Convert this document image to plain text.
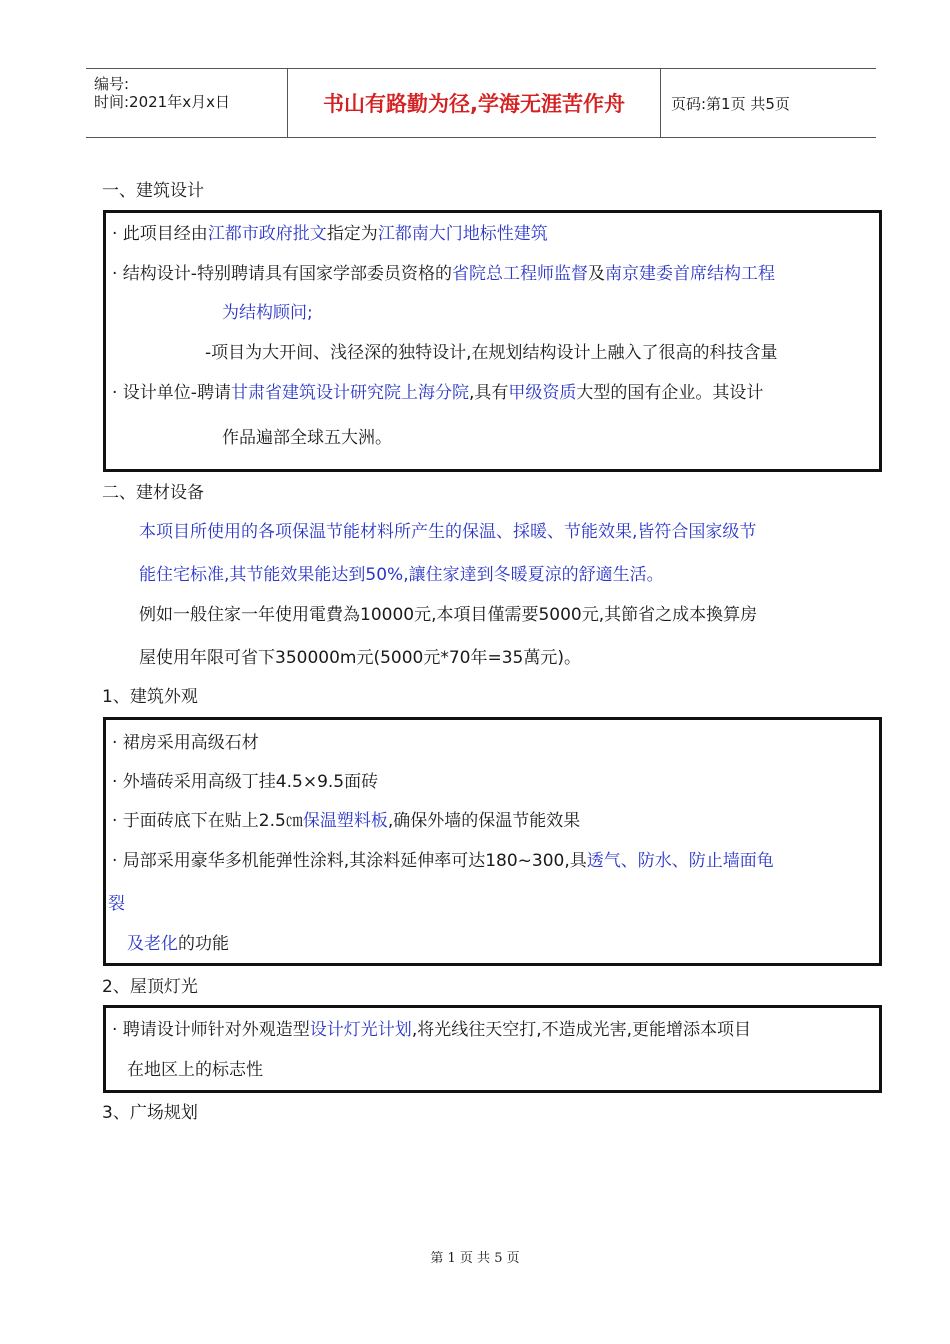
编号:
时间:2021年x月x日	书山有路勤为径,学海无涯苦作舟	页码:第1页 共5页
一、建筑设计
· 此项目经由江都市政府批文指定为江都南大门地标性建筑
· 结构设计-特别聘请具有国家学部委员资格的省院总工程师监督及南京建委首席结构工程
为结构顾问;
-项目为大开间、浅径深的独特设计,在规划结构设计上融入了很高的科技含量
· 设计单位-聘请甘肃省建筑设计研究院上海分院,具有甲级资质大型的国有企业。其设计
作品遍部全球五大洲。
二、建材设备
本项目所使用的各项保温节能材料所产生的保温、採暖、节能效果,皆符合国家级节
能住宅标准,其节能效果能达到50%,讓住家達到冬暖夏涼的舒適生活。
例如一般住家一年使用電費為10000元,本項目僅需要5000元,其節省之成本換算房
屋使用年限可省下350000m元(5000元*70年=35萬元)。
1、建筑外观
· 裙房采用高级石材
· 外墙砖采用高级丁挂4.5×9.5面砖
· 于面砖底下在贴上2.5㎝保温塑料板,确保外墙的保温节能效果
· 局部采用豪华多机能弹性涂料,其涂料延伸率可达180~300,具透气、防水、防止墙面龟
裂
及老化的功能
2、屋顶灯光
· 聘请设计师针对外观造型设计灯光计划,将光线往天空打,不造成光害,更能增添本项目
在地区上的标志性
3、广场规划
第 1 页 共 5 页
